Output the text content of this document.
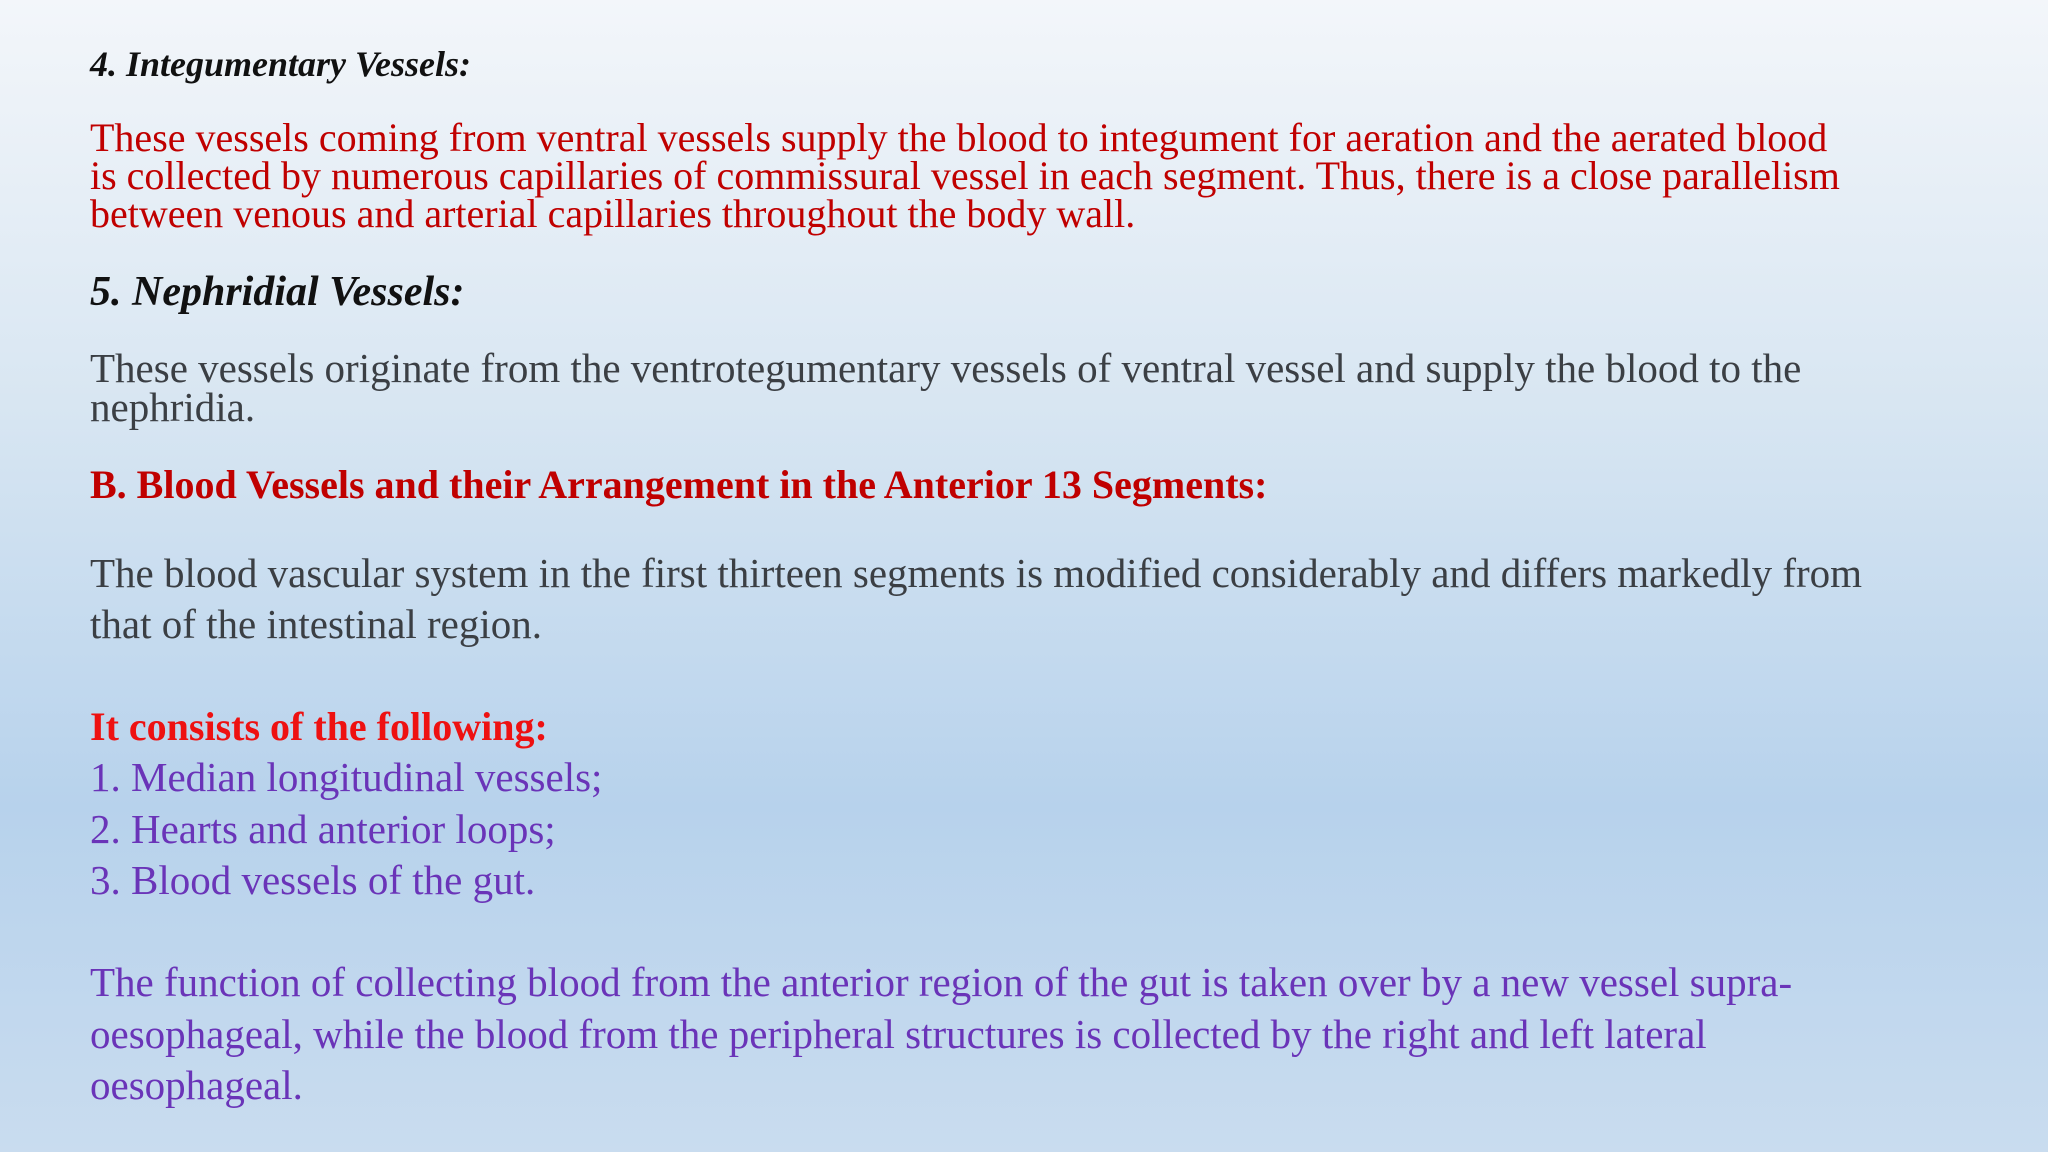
4. Integumentary Vessels:
These vessels coming from ventral vessels supply the blood to integument for aeration and the aerated blood
is collected by numerous capillaries of commissural vessel in each segment. Thus, there is a close parallelism
between venous and arterial capillaries throughout the body wall.
5. Nephridial Vessels:
These vessels originate from the ventrotegumentary vessels of ventral vessel and supply the blood to the
nephridia.
B. Blood Vessels and their Arrangement in the Anterior 13 Segments:
The blood vascular system in the first thirteen segments is modified considerably and differs markedly from
that of the intestinal region.
It consists of the following:
1. Median longitudinal vessels;
2. Hearts and anterior loops;
3. Blood vessels of the gut.
The function of collecting blood from the anterior region of the gut is taken over by a new vessel supra-
oesophageal, while the blood from the peripheral structures is collected by the right and left lateral
oesophageal.
